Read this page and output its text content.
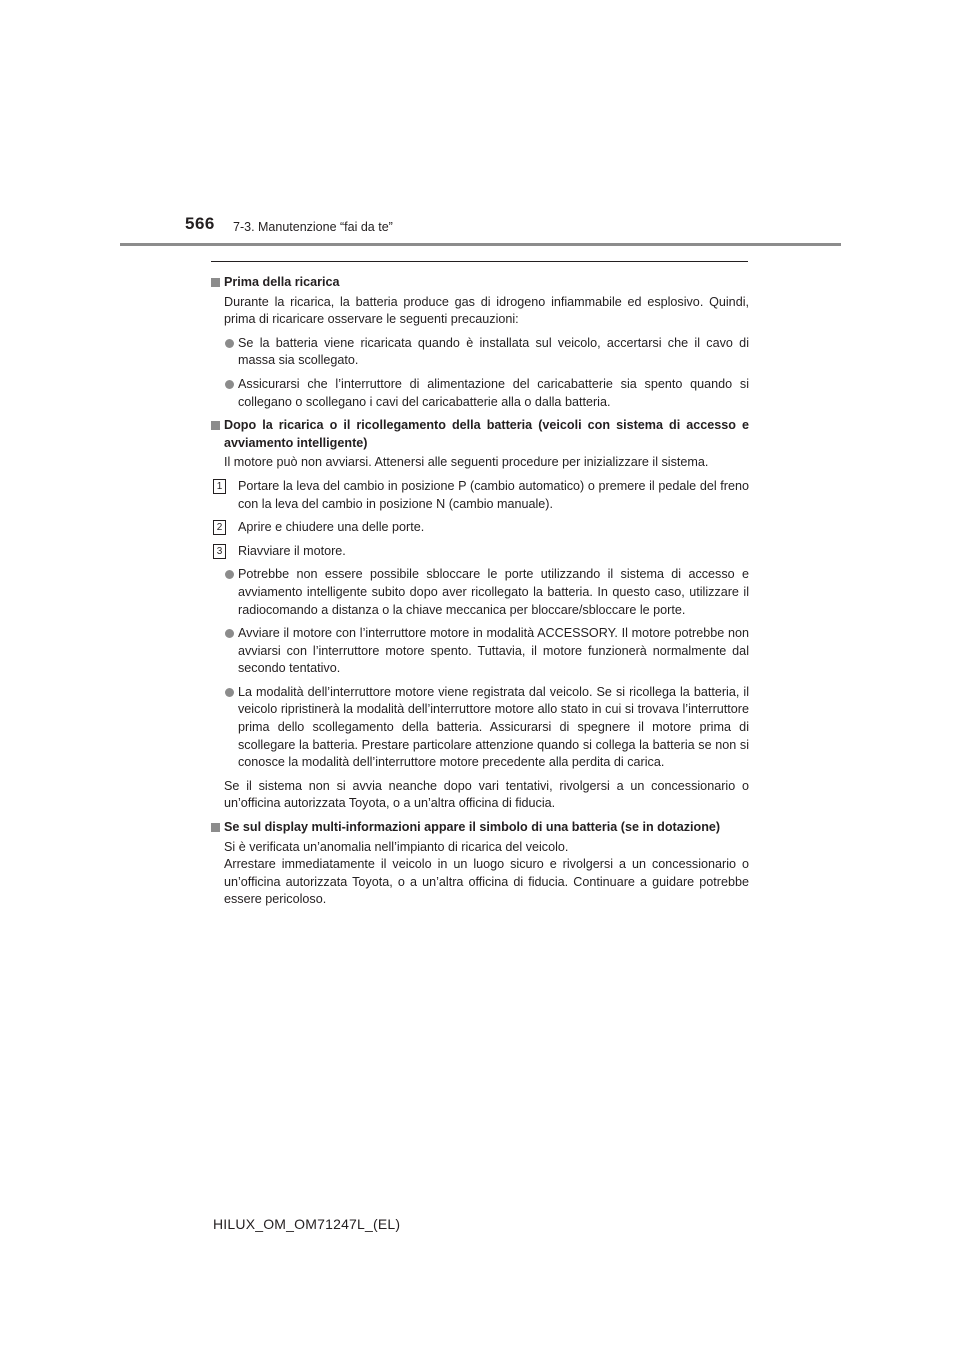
566 7-3. Manutenzione “fai da te”
Prima della ricarica
Durante la ricarica, la batteria produce gas di idrogeno infiammabile ed esplosivo. Quindi, prima di ricaricare osservare le seguenti precauzioni:
Se la batteria viene ricaricata quando è installata sul veicolo, accertarsi che il cavo di massa sia scollegato.
Assicurarsi che l’interruttore di alimentazione del caricabatterie sia spento quando si collegano o scollegano i cavi del caricabatterie alla o dalla batteria.
Dopo la ricarica o il ricollegamento della batteria (veicoli con sistema di accesso e avviamento intelligente)
Il motore può non avviarsi. Attenersi alle seguenti procedure per inizializzare il sistema.
1 Portare la leva del cambio in posizione P (cambio automatico) o premere il pedale del freno con la leva del cambio in posizione N (cambio manuale).
2 Aprire e chiudere una delle porte.
3 Riavviare il motore.
Potrebbe non essere possibile sbloccare le porte utilizzando il sistema di accesso e avviamento intelligente subito dopo aver ricollegato la batteria. In questo caso, utilizzare il radiocomando a distanza o la chiave meccanica per bloccare/sbloccare le porte.
Avviare il motore con l’interruttore motore in modalità ACCESSORY. Il motore potrebbe non avviarsi con l’interruttore motore spento. Tuttavia, il motore funzionerà normalmente dal secondo tentativo.
La modalità dell’interruttore motore viene registrata dal veicolo. Se si ricollega la batteria, il veicolo ripristinerà la modalità dell’interruttore motore allo stato in cui si trovava l’interruttore prima dello scollegamento della batteria. Assicurarsi di spegnere il motore prima di scollegare la batteria. Prestare particolare attenzione quando si collega la batteria se non si conosce la modalità dell’interruttore motore precedente alla perdita di carica.
Se il sistema non si avvia neanche dopo vari tentativi, rivolgersi a un concessionario o un’officina autorizzata Toyota, o a un’altra officina di fiducia.
Se sul display multi-informazioni appare il simbolo di una batteria (se in dotazione)
Si è verificata un’anomalia nell’impianto di ricarica del veicolo.
Arrestare immediatamente il veicolo in un luogo sicuro e rivolgersi a un concessionario o un’officina autorizzata Toyota, o a un’altra officina di fiducia. Continuare a guidare potrebbe essere pericoloso.
HILUX_OM_OM71247L_(EL)
